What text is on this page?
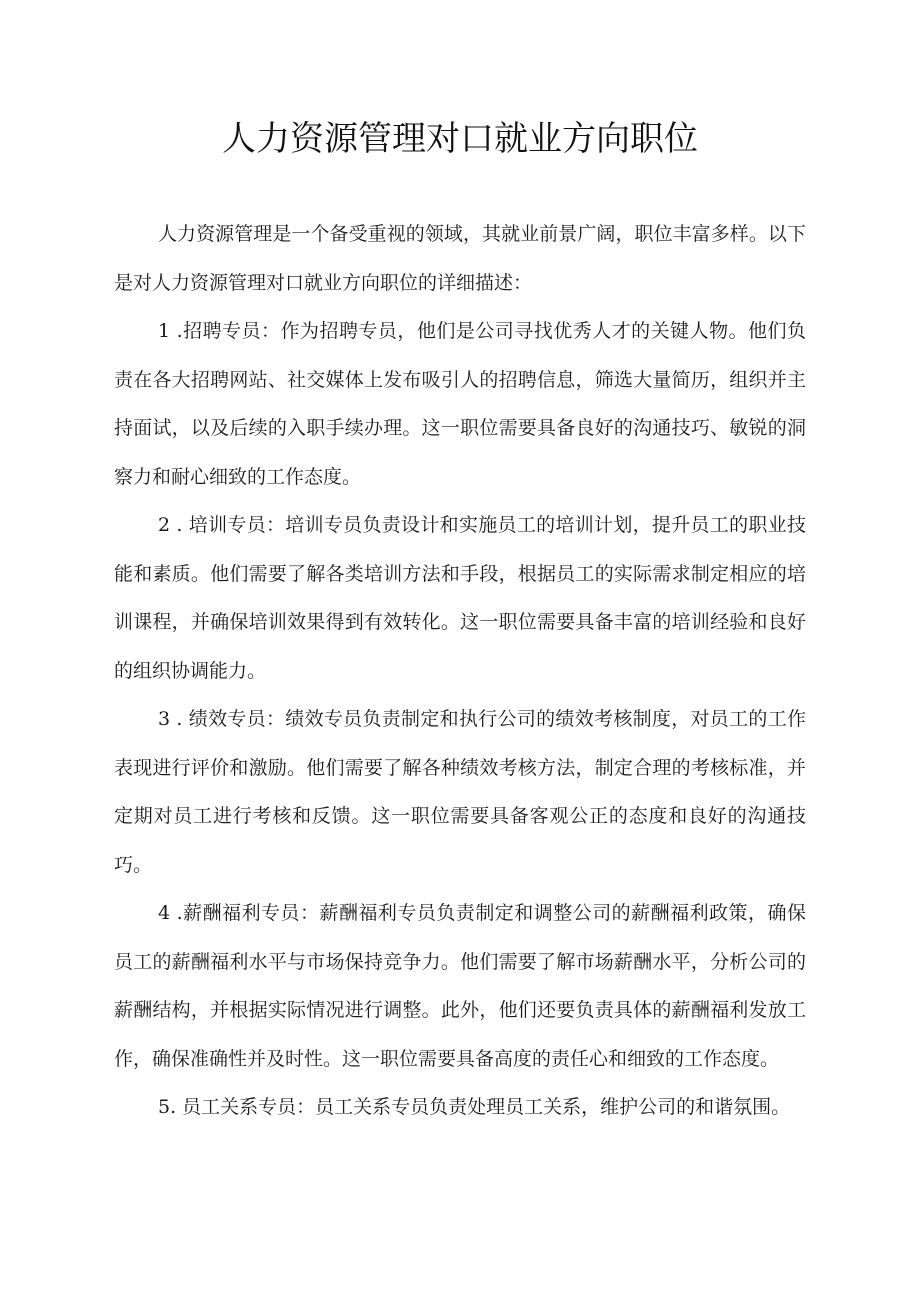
人力资源管理对口就业方向职位

人力资源管理是一个备受重视的领域，其就业前景广阔，职位丰富多样。以下是对人力资源管理对口就业方向职位的详细描述：

1 .招聘专员：作为招聘专员，他们是公司寻找优秀人才的关键人物。他们负责在各大招聘网站、社交媒体上发布吸引人的招聘信息，筛选大量简历，组织并主持面试，以及后续的入职手续办理。这一职位需要具备良好的沟通技巧、敏锐的洞察力和耐心细致的工作态度。

2 . 培训专员：培训专员负责设计和实施员工的培训计划，提升员工的职业技能和素质。他们需要了解各类培训方法和手段，根据员工的实际需求制定相应的培训课程，并确保培训效果得到有效转化。这一职位需要具备丰富的培训经验和良好的组织协调能力。

3 . 绩效专员：绩效专员负责制定和执行公司的绩效考核制度，对员工的工作表现进行评价和激励。他们需要了解各种绩效考核方法，制定合理的考核标准，并定期对员工进行考核和反馈。这一职位需要具备客观公正的态度和良好的沟通技巧。

4 .薪酬福利专员：薪酬福利专员负责制定和调整公司的薪酬福利政策，确保员工的薪酬福利水平与市场保持竞争力。他们需要了解市场薪酬水平，分析公司的薪酬结构，并根据实际情况进行调整。此外，他们还要负责具体的薪酬福利发放工作，确保准确性并及时性。这一职位需要具备高度的责任心和细致的工作态度。

5. 员工关系专员：员工关系专员负责处理员工关系，维护公司的和谐氛围。
